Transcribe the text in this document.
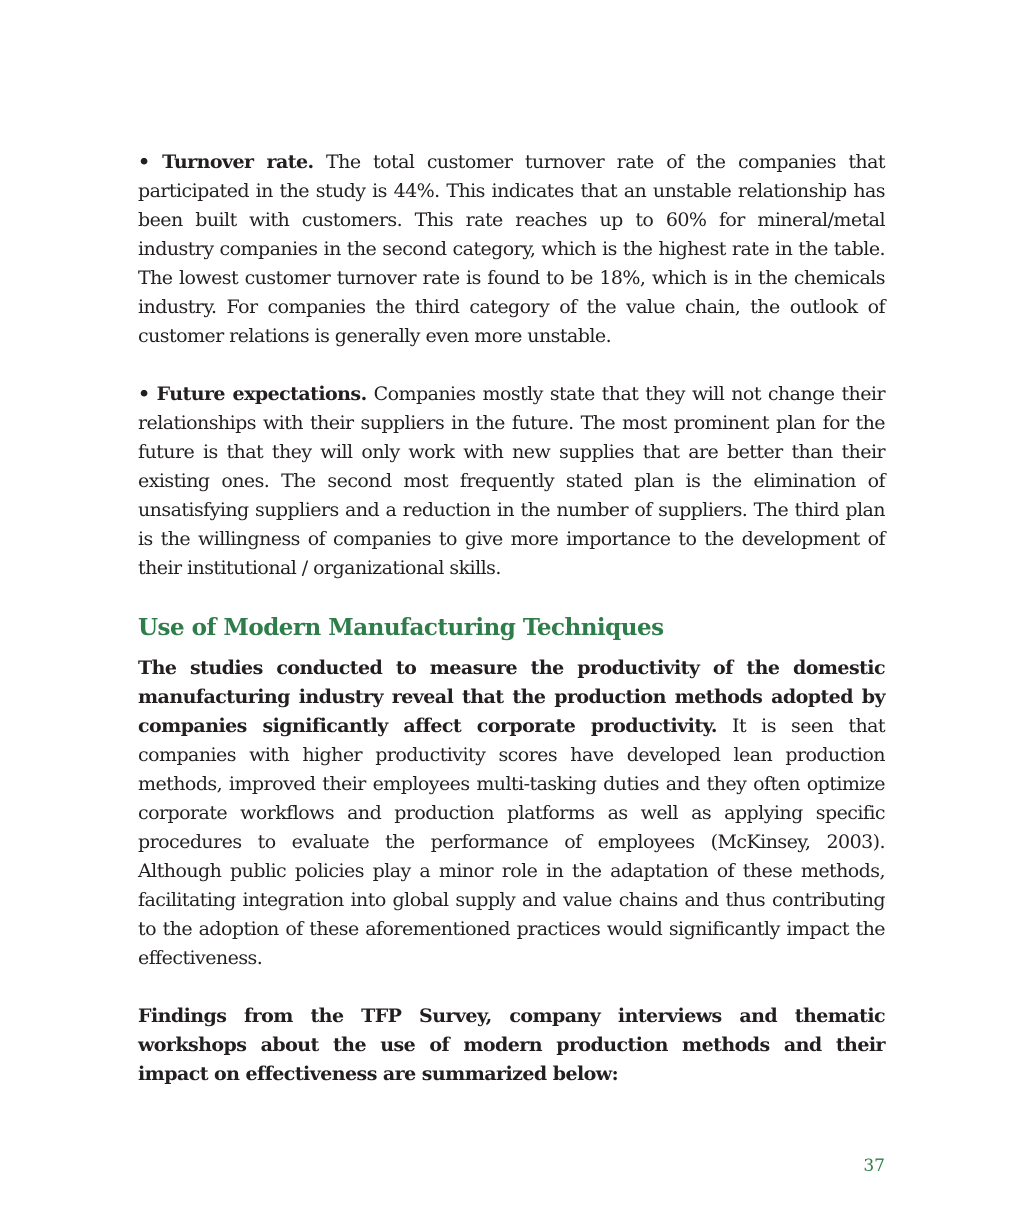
• Turnover rate. The total customer turnover rate of the companies that participated in the study is 44%. This indicates that an unstable relationship has been built with customers. This rate reaches up to 60% for mineral/metal industry companies in the second category, which is the highest rate in the table. The lowest customer turnover rate is found to be 18%, which is in the chemicals industry. For companies the third category of the value chain, the outlook of customer relations is generally even more unstable.

• Future expectations. Companies mostly state that they will not change their relationships with their suppliers in the future. The most prominent plan for the future is that they will only work with new supplies that are better than their existing ones. The second most frequently stated plan is the elimination of unsatisfying suppliers and a reduction in the number of suppliers. The third plan is the willingness of companies to give more importance to the development of their institutional / organizational skills.

Use of Modern Manufacturing Techniques

The studies conducted to measure the productivity of the domestic manufacturing industry reveal that the production methods adopted by companies significantly affect corporate productivity. It is seen that companies with higher productivity scores have developed lean production methods, improved their employees multi-tasking duties and they often optimize corporate workflows and production platforms as well as applying specific procedures to evaluate the performance of employees (McKinsey, 2003). Although public policies play a minor role in the adaptation of these methods, facilitating integration into global supply and value chains and thus contributing to the adoption of these aforementioned practices would significantly impact the effectiveness.

Findings from the TFP Survey, company interviews and thematic workshops about the use of modern production methods and their impact on effectiveness are summarized below:

37
